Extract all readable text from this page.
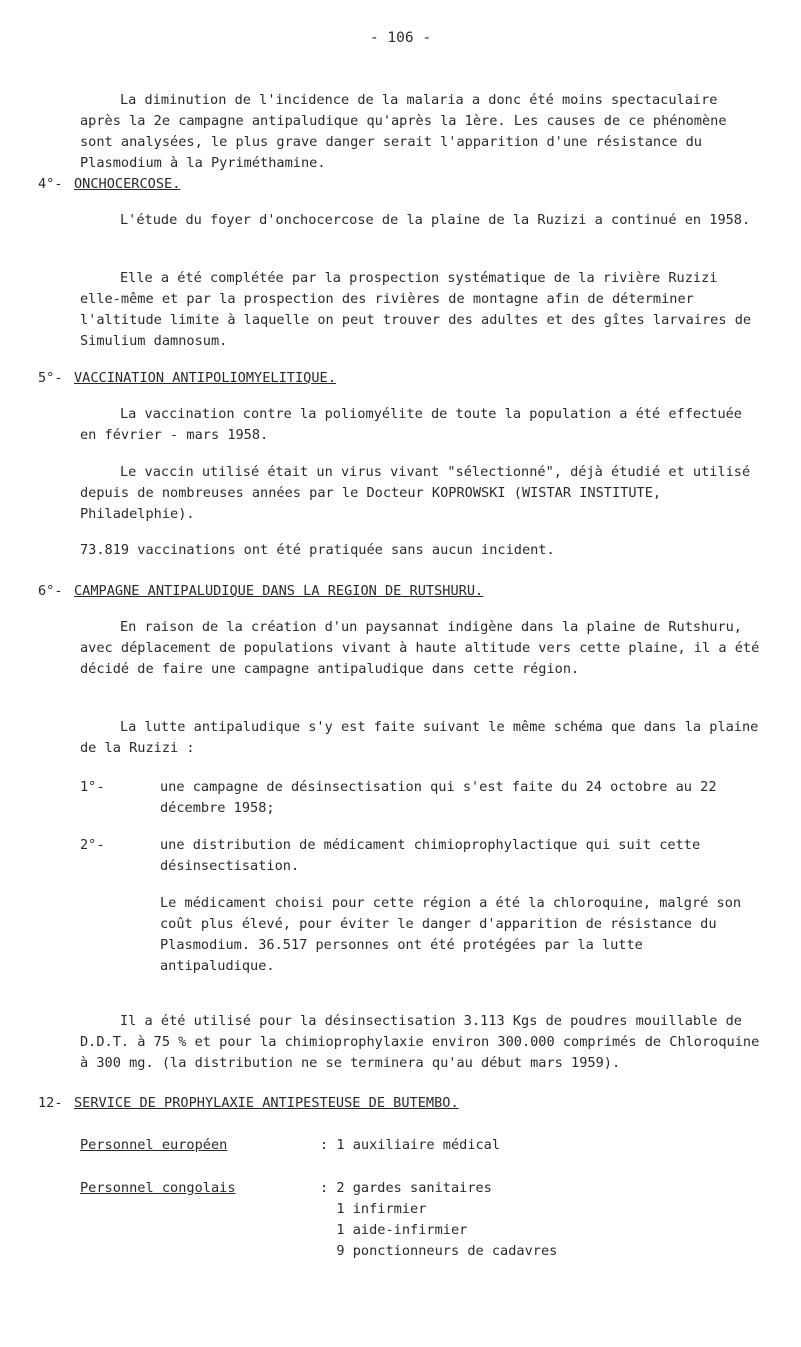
- 106 -

La diminution de l'incidence de la malaria a donc été moins spectaculaire après la 2e campagne antipaludique qu'après la 1ère. Les causes de ce phénomène sont analysées, le plus grave danger serait l'apparition d'une résistance du Plasmodium à la Pyriméthamine.

4°- ONCHOCERCOSE.

L'étude du foyer d'onchocercose de la plaine de la Ruzizi a continué en 1958.

Elle a été complétée par la prospection systématique de la rivière Ruzizi elle-même et par la prospection des rivières de montagne afin de déterminer l'altitude limite à laquelle on peut trouver des adultes et des gîtes larvaires de Simulium damnosum.

5°- VACCINATION ANTIPOLIOMYELITIQUE.

La vaccination contre la poliomyélite de toute la population a été effectuée en février - mars 1958.

Le vaccin utilisé était un virus vivant "sélectionné", déjà étudié et utilisé depuis de nombreuses années par le Docteur KOPROWSKI (WISTAR INSTITUTE, Philadelphie).

73.819 vaccinations ont été pratiquée sans aucun incident.

6°- CAMPAGNE ANTIPALUDIQUE DANS LA REGION DE RUTSHURU.

En raison de la création d'un paysannat indigène dans la plaine de Rutshuru, avec déplacement de populations vivant à haute altitude vers cette plaine, il a été décidé de faire une campagne antipaludique dans cette région.

La lutte antipaludique s'y est faite suivant le même schéma que dans la plaine de la Ruzizi :

1°-	une campagne de désinsectisation qui s'est faite du 24 octobre au 22 décembre 1958;

2°-	une distribution de médicament chimioprophylactique qui suit cette désinsectisation.

Le médicament choisi pour cette région a été la chloroquine, malgré son coût plus élevé, pour éviter le danger d'apparition de résistance du Plasmodium. 36.517 personnes ont été protégées par la lutte antipaludique.

Il a été utilisé pour la désinsectisation 3.113 Kgs de poudres mouillable de D.D.T. à 75 % et pour la chimioprophylaxie environ 300.000 comprimés de Chloroquine à 300 mg. (la distribution ne se terminera qu'au début mars 1959).

12- SERVICE DE PROPHYLAXIE ANTIPESTEUSE DE BUTEMBO.
Personnel européen	: 1 auxiliaire médical
Personnel congolais	: 2 gardes sanitaires
1 infirmier
1 aide-infirmier
9 ponctionneurs de cadavres
